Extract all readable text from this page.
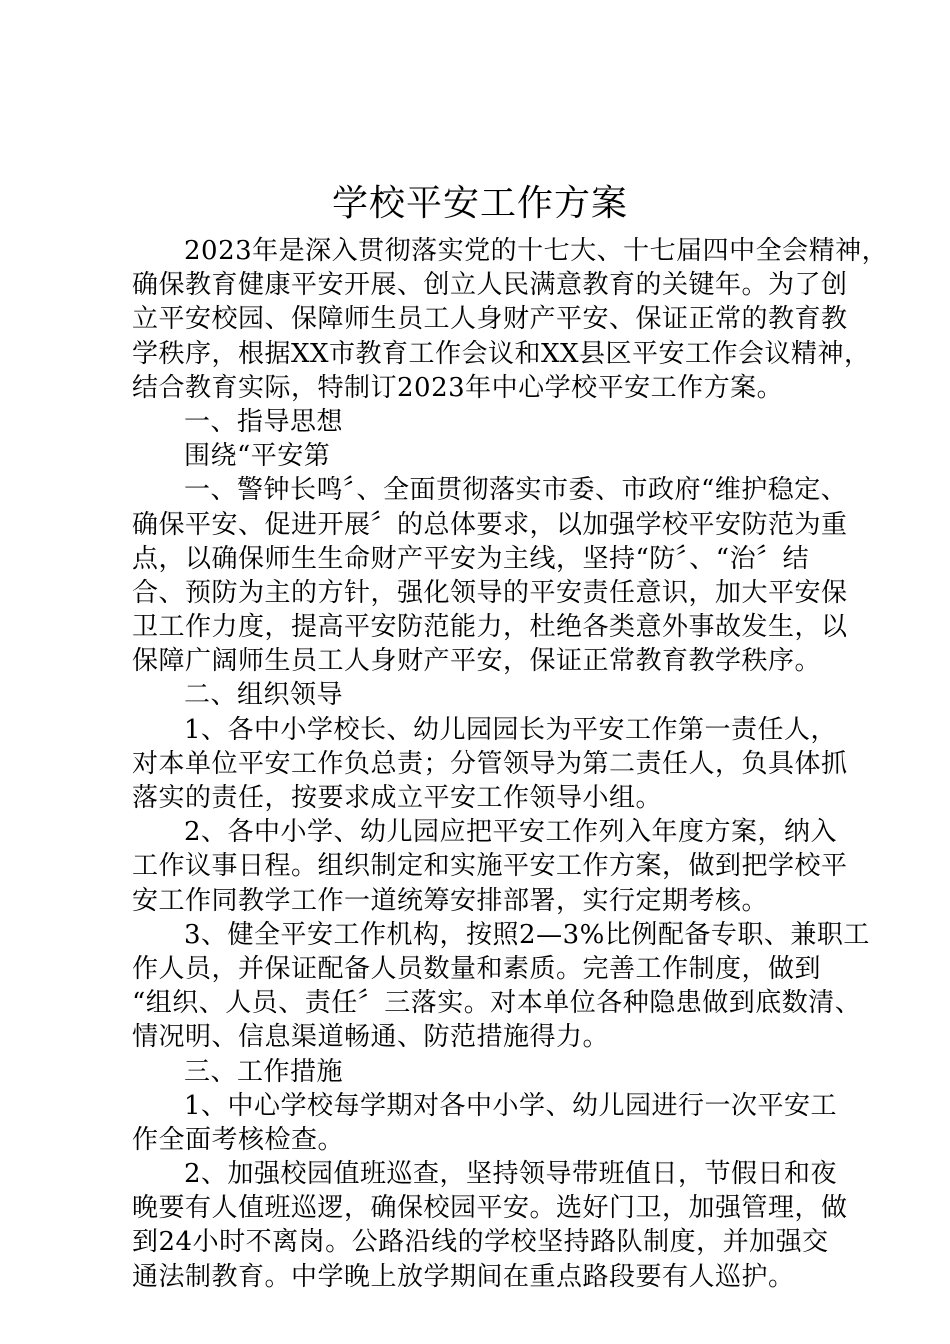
学校平安工作方案
2023年是深入贯彻落实党的十七大、十七届四中全会精神，
确保教育健康平安开展、创立人民满意教育的关键年。为了创
立平安校园、保障师生员工人身财产平安、保证正常的教育教
学秩序，根据XX市教育工作会议和XX县区平安工作会议精神，
结合教育实际，特制订2023年中心学校平安工作方案。
一、指导思想
围绕“平安第
一、警钟长鸣〞、全面贯彻落实市委、市政府“维护稳定、
确保平安、促进开展〞的总体要求，以加强学校平安防范为重
点，以确保师生生命财产平安为主线，坚持“防〞、“治〞结
合、预防为主的方针，强化领导的平安责任意识，加大平安保
卫工作力度，提高平安防范能力，杜绝各类意外事故发生，以
保障广阔师生员工人身财产平安，保证正常教育教学秩序。
二、组织领导
1、各中小学校长、幼儿园园长为平安工作第一责任人，
对本单位平安工作负总责；分管领导为第二责任人，负具体抓
落实的责任，按要求成立平安工作领导小组。
2、各中小学、幼儿园应把平安工作列入年度方案，纳入
工作议事日程。组织制定和实施平安工作方案，做到把学校平
安工作同教学工作一道统筹安排部署，实行定期考核。
3、健全平安工作机构，按照2—3%比例配备专职、兼职工
作人员，并保证配备人员数量和素质。完善工作制度，做到
“组织、人员、责任〞三落实。对本单位各种隐患做到底数清、
情况明、信息渠道畅通、防范措施得力。
三、工作措施
1、中心学校每学期对各中小学、幼儿园进行一次平安工
作全面考核检查。
2、加强校园值班巡查，坚持领导带班值日，节假日和夜
晚要有人值班巡逻，确保校园平安。选好门卫，加强管理，做
到24小时不离岗。公路沿线的学校坚持路队制度，并加强交
通法制教育。中学晚上放学期间在重点路段要有人巡护。
